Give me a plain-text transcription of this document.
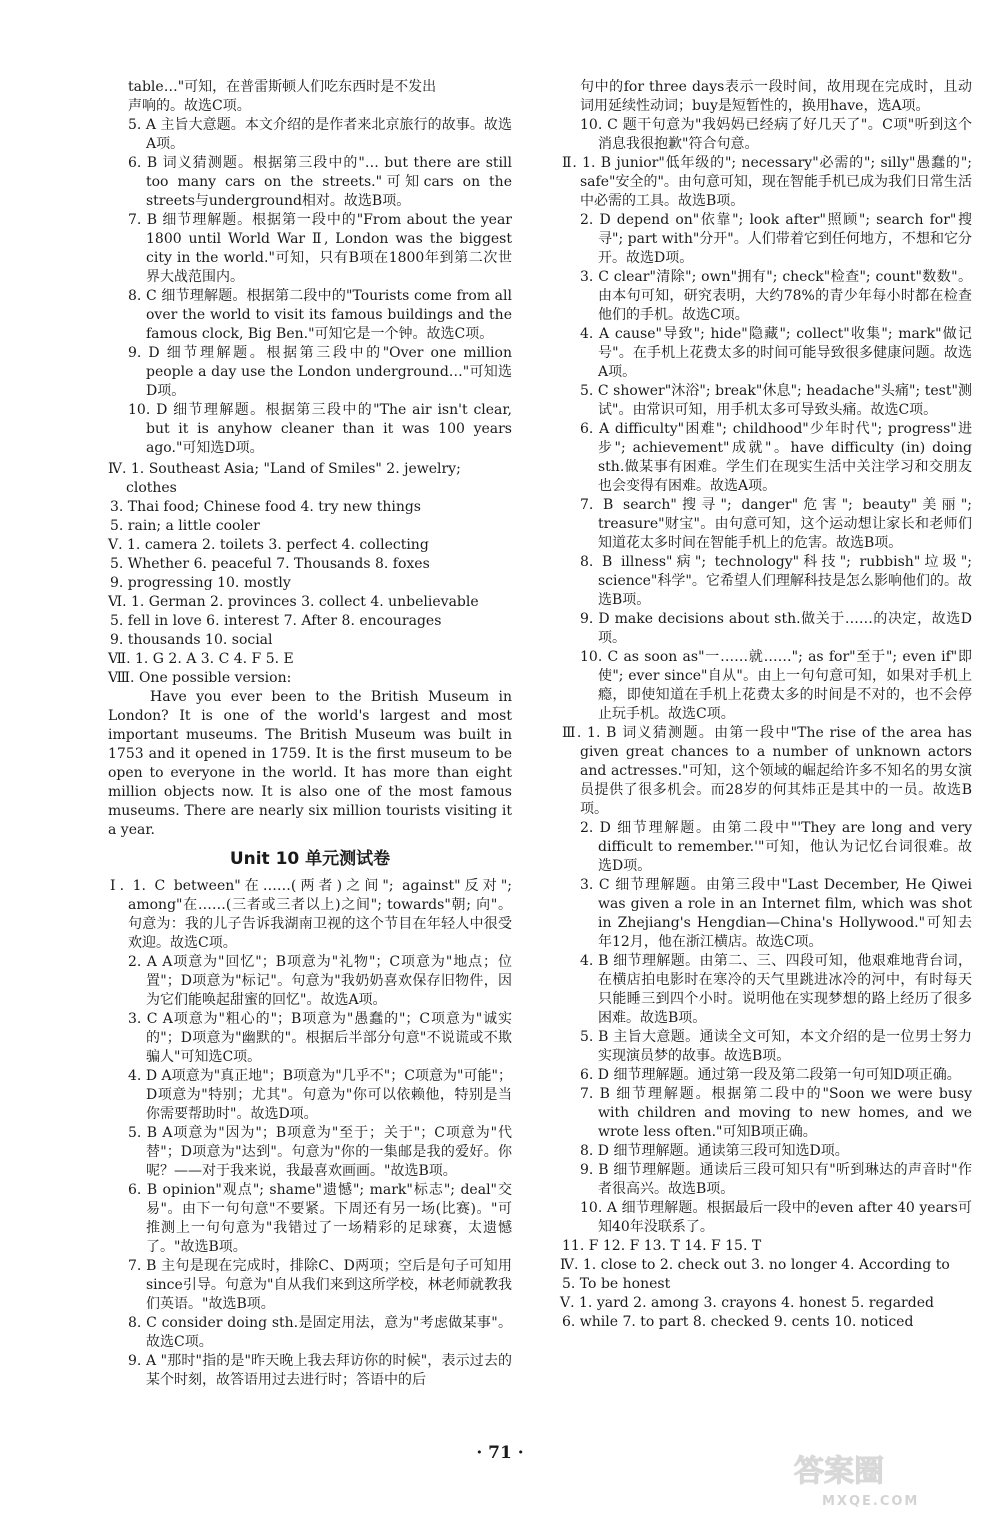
table…"可知，在普雷斯顿人们吃东西时是不发出

声响的。故选C项。

5. A 主旨大意题。本文介绍的是作者来北京旅行的故事。故选A项。

6. B 词义猜测题。根据第三段中的"… but there are still too many cars on the streets."可知cars on the streets与underground相对。故选B项。

7. B 细节理解题。根据第一段中的"From about the year 1800 until World War Ⅱ, London was the biggest city in the world."可知，只有B项在1800年到第二次世界大战范围内。

8. C 细节理解题。根据第二段中的"Tourists come from all over the world to visit its famous buildings and the famous clock, Big Ben."可知它是一个钟。故选C项。

9. D 细节理解题。根据第三段中的"Over one million people a day use the London underground…"可知选D项。

10. D 细节理解题。根据第三段中的"The air isn't clear, but it is anyhow cleaner than it was 100 years ago."可知选D项。

Ⅳ. 1. Southeast Asia; "Land of Smiles" 2. jewelry; clothes

3. Thai food; Chinese food 4. try new things

5. rain; a little cooler

Ⅴ. 1. camera 2. toilets 3. perfect 4. collecting

5. Whether 6. peaceful 7. Thousands 8. foxes

9. progressing 10. mostly

Ⅵ. 1. German 2. provinces 3. collect 4. unbelievable

5. fell in love 6. interest 7. After 8. encourages

9. thousands 10. social

Ⅶ. 1. G 2. A 3. C 4. F 5. E

Ⅷ. One possible version:

Have you ever been to the British Museum in London? It is one of the world's largest and most important museums. The British Museum was built in 1753 and it opened in 1759. It is the first museum to be open to everyone in the world. It has more than eight million objects now. It is also one of the most famous museums. There are nearly six million tourists visiting it a year.

Unit 10 单元测试卷

Ⅰ. 1. C between"在……(两者)之间"; against"反对"; among"在……(三者或三者以上)之间"; towards"朝; 向"。句意为：我的儿子告诉我湖南卫视的这个节目在年轻人中很受欢迎。故选C项。

2. A A项意为"回忆"；B项意为"礼物"；C项意为"地点；位置"；D项意为"标记"。句意为"我奶奶喜欢保存旧物件，因为它们能唤起甜蜜的回忆"。故选A项。

3. C A项意为"粗心的"；B项意为"愚蠢的"；C项意为"诚实的"；D项意为"幽默的"。根据后半部分句意"不说谎或不欺骗人"可知选C项。

4. D A项意为"真正地"；B项意为"几乎不"；C项意为"可能"；D项意为"特别；尤其"。句意为"你可以依赖他，特别是当你需要帮助时"。故选D项。

5. B A项意为"因为"；B项意为"至于；关于"；C项意为"代替"；D项意为"达到"。句意为"你的一集邮是我的爱好。你呢？——对于我来说，我最喜欢画画。"故选B项。

6. B opinion"观点"; shame"遗憾"; mark"标志"; deal"交易"。由下一句句意"不要紧。下周还有另一场(比赛)。"可推测上一句句意为"我错过了一场精彩的足球赛，太遗憾了。"故选B项。

7. B 主句是现在完成时，排除C、D两项；空后是句子可知用since引导。句意为"自从我们来到这所学校，林老师就教我们英语。"故选B项。

8. C consider doing sth.是固定用法，意为"考虑做某事"。故选C项。

9. A "那时"指的是"昨天晚上我去拜访你的时候"，表示过去的某个时刻，故答语用过去进行时；答语中的后

句中的for three days表示一段时间，故用现在完成时，且动词用延续性动词；buy是短暂性的，换用have，选A项。

10. C 题干句意为"我妈妈已经病了好几天了"。C项"听到这个消息我很抱歉"符合句意。

Ⅱ. 1. B junior"低年级的"; necessary"必需的"; silly"愚蠢的"; safe"安全的"。由句意可知，现在智能手机已成为我们日常生活中必需的工具。故选B项。

2. D depend on"依靠"; look after"照顾"; search for"搜寻"; part with"分开"。人们带着它到任何地方，不想和它分开。故选D项。

3. C clear"清除"; own"拥有"; check"检查"; count"数数"。由本句可知，研究表明，大约78%的青少年每小时都在检查他们的手机。故选C项。

4. A cause"导致"; hide"隐藏"; collect"收集"; mark"做记号"。在手机上花费太多的时间可能导致很多健康问题。故选A项。

5. C shower"沐浴"; break"休息"; headache"头痛"; test"测试"。由常识可知，用手机太多可导致头痛。故选C项。

6. A difficulty"困难"; childhood"少年时代"; progress"进步"; achievement"成就"。have difficulty (in) doing sth.做某事有困难。学生们在现实生活中关注学习和交朋友也会变得有困难。故选A项。

7. B search"搜寻"; danger"危害"; beauty"美丽"; treasure"财宝"。由句意可知，这个运动想让家长和老师们知道花太多时间在智能手机上的危害。故选B项。

8. B illness"病"; technology"科技"; rubbish"垃圾"; science"科学"。它希望人们理解科技是怎么影响他们的。故选B项。

9. D make decisions about sth.做关于……的决定，故选D项。

10. C as soon as"一……就……"; as for"至于"; even if"即使"; ever since"自从"。由上一句句意可知，如果对手机上瘾，即使知道在手机上花费太多的时间是不对的，也不会停止玩手机。故选C项。

Ⅲ. 1. B 词义猜测题。由第一段中"The rise of the area has given great chances to a number of unknown actors and actresses."可知，这个领域的崛起给许多不知名的男女演员提供了很多机会。而28岁的何其炜正是其中的一员。故选B项。

2. D 细节理解题。由第二段中"'They are long and very difficult to remember.'"可知，他认为记忆台词很难。故选D项。

3. C 细节理解题。由第三段中"Last December, He Qiwei was given a role in an Internet film, which was shot in Zhejiang's Hengdian—China's Hollywood."可知去年12月，他在浙江横店。故选C项。

4. B 细节理解题。由第二、三、四段可知，他艰难地背台词，在横店拍电影时在寒冷的天气里跳进冰冷的河中，有时每天只能睡三到四个小时。说明他在实现梦想的路上经历了很多困难。故选B项。

5. B 主旨大意题。通读全文可知，本文介绍的是一位男士努力实现演员梦的故事。故选B项。

6. D 细节理解题。通过第一段及第二段第一句可知D项正确。

7. B 细节理解题。根据第二段中的"Soon we were busy with children and moving to new homes, and we wrote less often."可知B项正确。

8. D 细节理解题。通读第三段可知选D项。

9. B 细节理解题。通读后三段可知只有"听到琳达的声音时"作者很高兴。故选B项。

10. A 细节理解题。根据最后一段中的even after 40 years可知40年没联系了。

11. F 12. F 13. T 14. F 15. T

Ⅳ. 1. close to 2. check out 3. no longer 4. According to

5. To be honest

Ⅴ. 1. yard 2. among 3. crayons 4. honest 5. regarded

6. while 7. to part 8. checked 9. cents 10. noticed

· 71 ·
答案圈
MXQE.COM
